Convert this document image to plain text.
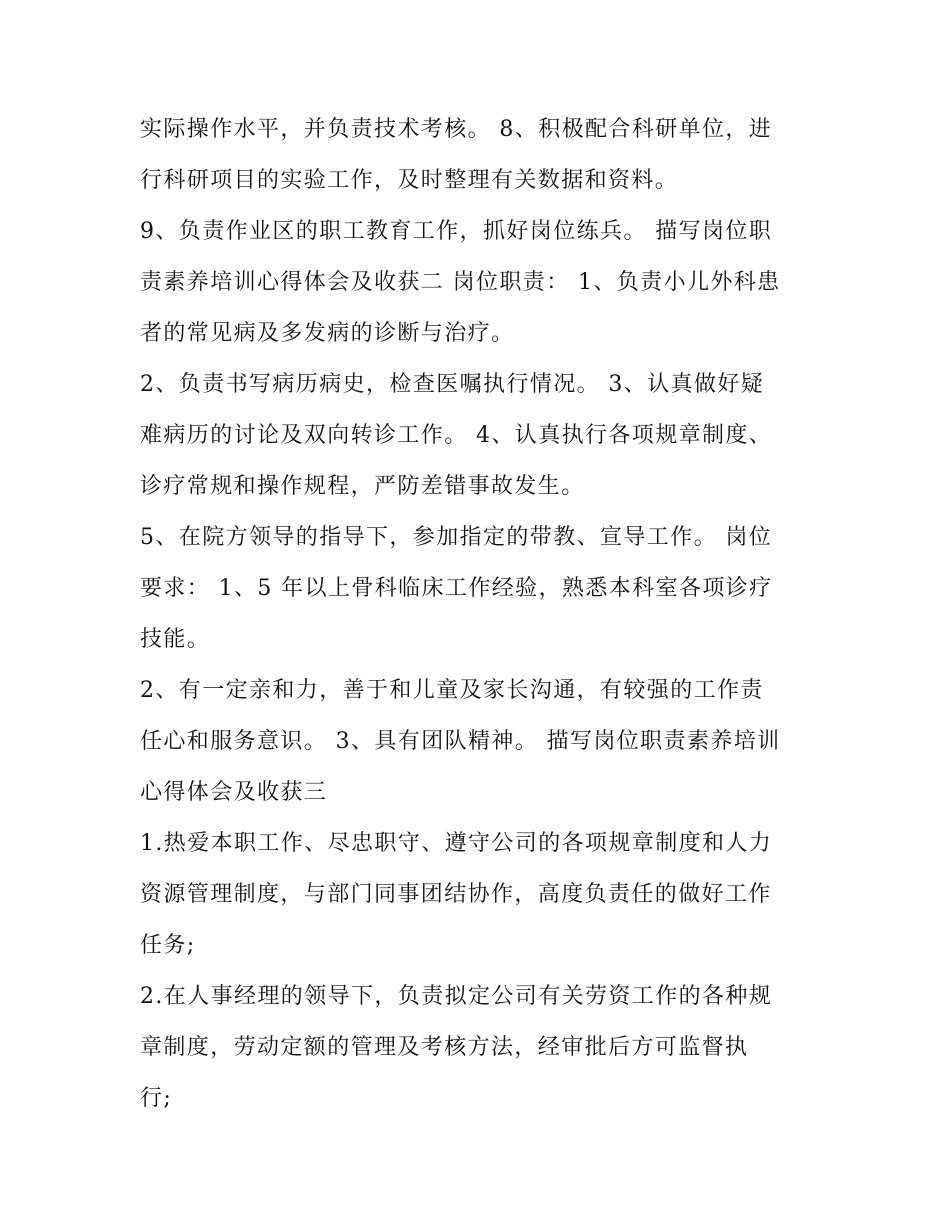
实际操作水平，并负责技术考核。 8、积极配合科研单位，进
行科研项目的实验工作，及时整理有关数据和资料。
9、负责作业区的职工教育工作，抓好岗位练兵。 描写岗位职
责素养培训心得体会及收获二 岗位职责： 1、负责小儿外科患
者的常见病及多发病的诊断与治疗。
2、负责书写病历病史，检查医嘱执行情况。 3、认真做好疑
难病历的讨论及双向转诊工作。 4、认真执行各项规章制度、
诊疗常规和操作规程，严防差错事故发生。
5、在院方领导的指导下，参加指定的带教、宣导工作。 岗位
要求： 1、5 年以上骨科临床工作经验，熟悉本科室各项诊疗
技能。
2、有一定亲和力，善于和儿童及家长沟通，有较强的工作责
任心和服务意识。 3、具有团队精神。 描写岗位职责素养培训
心得体会及收获三
1.热爱本职工作、尽忠职守、遵守公司的各项规章制度和人力
资源管理制度，与部门同事团结协作，高度负责任的做好工作
任务;
2.在人事经理的领导下，负责拟定公司有关劳资工作的各种规
章制度，劳动定额的管理及考核方法，经审批后方可监督执
行;
